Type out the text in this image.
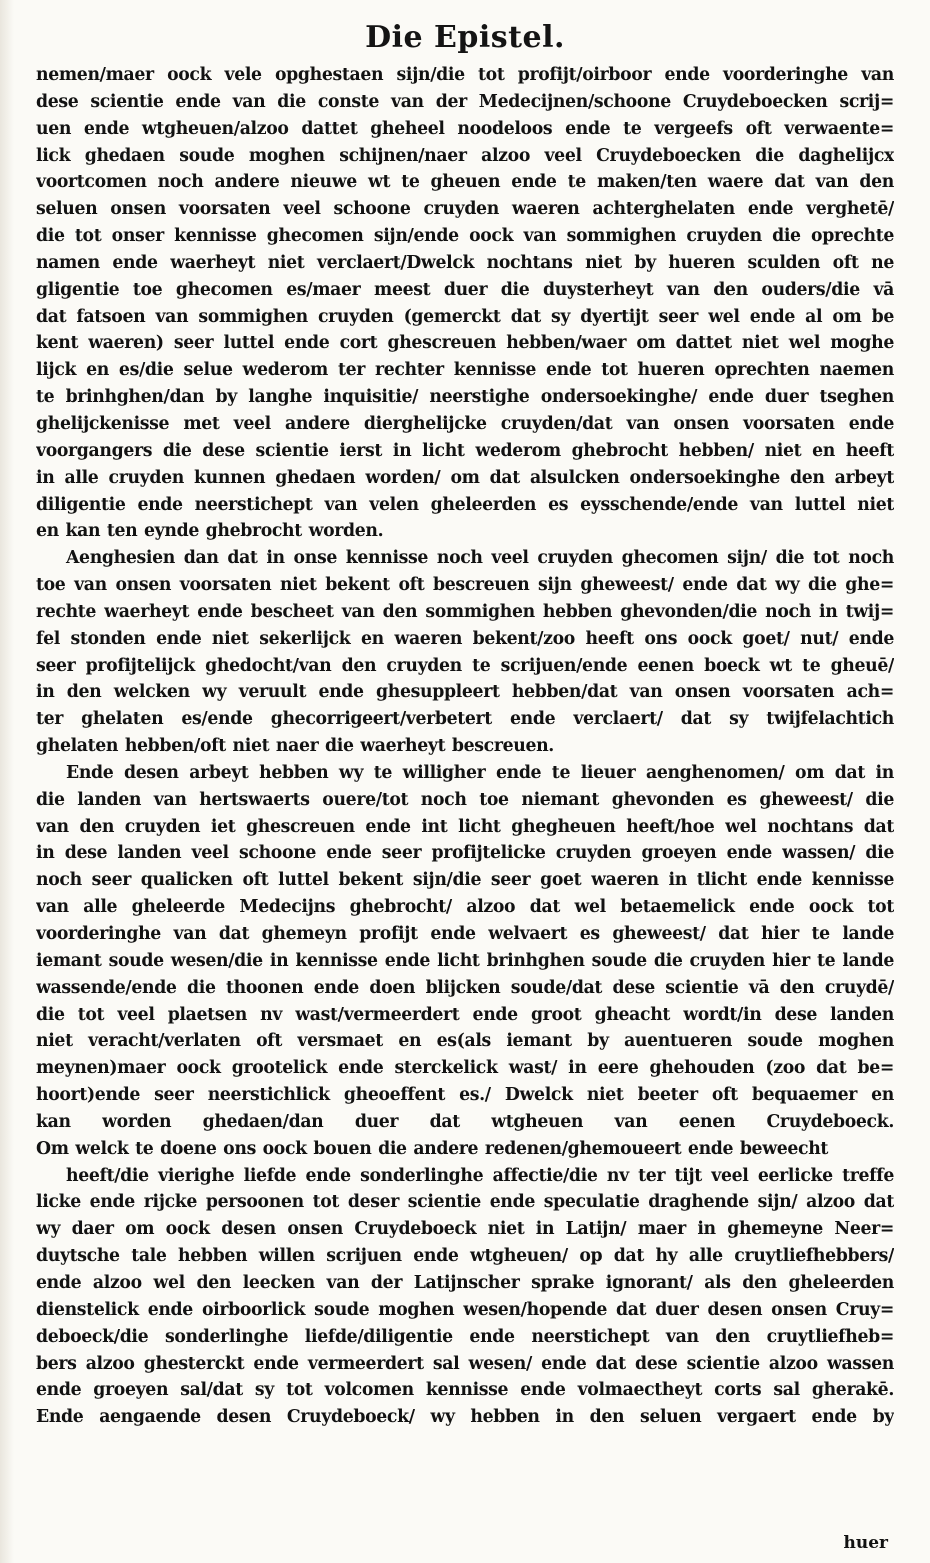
Die Epistel.
nemen/maer oock vele opghestaen sijn/die tot profijt/oirboor ende voorderinghe van
dese scientie ende van die conste van der Medecijnen/schoone Cruydeboecken scrij=
uen ende wtgheuen/alzoo dattet gheheel noodeloos ende te vergeefs oft verwaente=
lick ghedaen soude moghen schijnen/naer alzoo veel Cruydeboecken die daghelijcx
voortcomen noch andere nieuwe wt te gheuen ende te maken/ten waere dat van den
seluen onsen voorsaten veel schoone cruyden waeren achterghelaten ende verghetē/
die tot onser kennisse ghecomen sijn/ende oock van sommighen cruyden die oprechte
namen ende waerheyt niet verclaert/Dwelck nochtans niet by hueren sculden oft ne
gligentie toe ghecomen es/maer meest duer die duysterheyt van den ouders/die vā
dat fatsoen van sommighen cruyden (gemerckt dat sy dyertijt seer wel ende al om be
kent waeren) seer luttel ende cort ghescreuen hebben/waer om dattet niet wel moghe
lijck en es/die selue wederom ter rechter kennisse ende tot hueren oprechten naemen
te brinhghen/dan by langhe inquisitie/ neerstighe ondersoekinghe/ ende duer tseghen
ghelijckenisse met veel andere dierghelijcke cruyden/dat van onsen voorsaten ende
voorgangers die dese scientie ierst in licht wederom ghebrocht hebben/ niet en heeft
in alle cruyden kunnen ghedaen worden/ om dat alsulcken ondersoekinghe den arbeyt
diligentie ende neerstichept van velen gheleerden es eysschende/ende van luttel niet
en kan ten eynde ghebrocht worden.
Aenghesien dan dat in onse kennisse noch veel cruyden ghecomen sijn/ die tot noch
toe van onsen voorsaten niet bekent oft bescreuen sijn gheweest/ ende dat wy die ghe=
rechte waerheyt ende bescheet van den sommighen hebben ghevonden/die noch in twij=
fel stonden ende niet sekerlijck en waeren bekent/zoo heeft ons oock goet/ nut/ ende
seer profijtelijck ghedocht/van den cruyden te scrijuen/ende eenen boeck wt te gheuē/
in den welcken wy veruult ende ghesuppleert hebben/dat van onsen voorsaten ach=
ter ghelaten es/ende ghecorrigeert/verbetert ende verclaert/ dat sy twijfelachtich
ghelaten hebben/oft niet naer die waerheyt bescreuen.
Ende desen arbeyt hebben wy te willigher ende te lieuer aenghenomen/ om dat in
die landen van hertswaerts ouere/tot noch toe niemant ghevonden es gheweest/ die
van den cruyden iet ghescreuen ende int licht ghegheuen heeft/hoe wel nochtans dat
in dese landen veel schoone ende seer profijtelicke cruyden groeyen ende wassen/ die
noch seer qualicken oft luttel bekent sijn/die seer goet waeren in tlicht ende kennisse
van alle gheleerde Medecijns ghebrocht/ alzoo dat wel betaemelick ende oock tot
voorderinghe van dat ghemeyn profijt ende welvaert es gheweest/ dat hier te lande
iemant soude wesen/die in kennisse ende licht brinhghen soude die cruyden hier te lande
wassende/ende die thoonen ende doen blijcken soude/dat dese scientie vā den cruydē/
die tot veel plaetsen nv wast/vermeerdert ende groot gheacht wordt/in dese landen
niet veracht/verlaten oft versmaet en es(als iemant by auentueren soude moghen
meynen)maer oock grootelick ende sterckelick wast/ in eere ghehouden (zoo dat be=
hoort)ende seer neerstichlick gheoeffent es./ Dwelck niet beeter oft bequaemer en
kan worden ghedaen/dan duer dat wtgheuen van eenen Cruydeboeck.
Om welck te doene ons oock bouen die andere redenen/ghemoueert ende beweecht
heeft/die vierighe liefde ende sonderlinghe affectie/die nv ter tijt veel eerlicke treffe
licke ende rijcke persoonen tot deser scientie ende speculatie draghende sijn/ alzoo dat
wy daer om oock desen onsen Cruydeboeck niet in Latijn/ maer in ghemeyne Neer=
duytsche tale hebben willen scrijuen ende wtgheuen/ op dat hy alle cruytliefhebbers/
ende alzoo wel den leecken van der Latijnscher sprake ignorant/ als den gheleerden
dienstelick ende oirboorlick soude moghen wesen/hopende dat duer desen onsen Cruy=
deboeck/die sonderlinghe liefde/diligentie ende neerstichept van den cruytliefheb=
bers alzoo ghesterckt ende vermeerdert sal wesen/ ende dat dese scientie alzoo wassen
ende groeyen sal/dat sy tot volcomen kennisse ende volmaectheyt corts sal gherakē.
Ende aengaende desen Cruydeboeck/ wy hebben in den seluen vergaert ende by
huer
